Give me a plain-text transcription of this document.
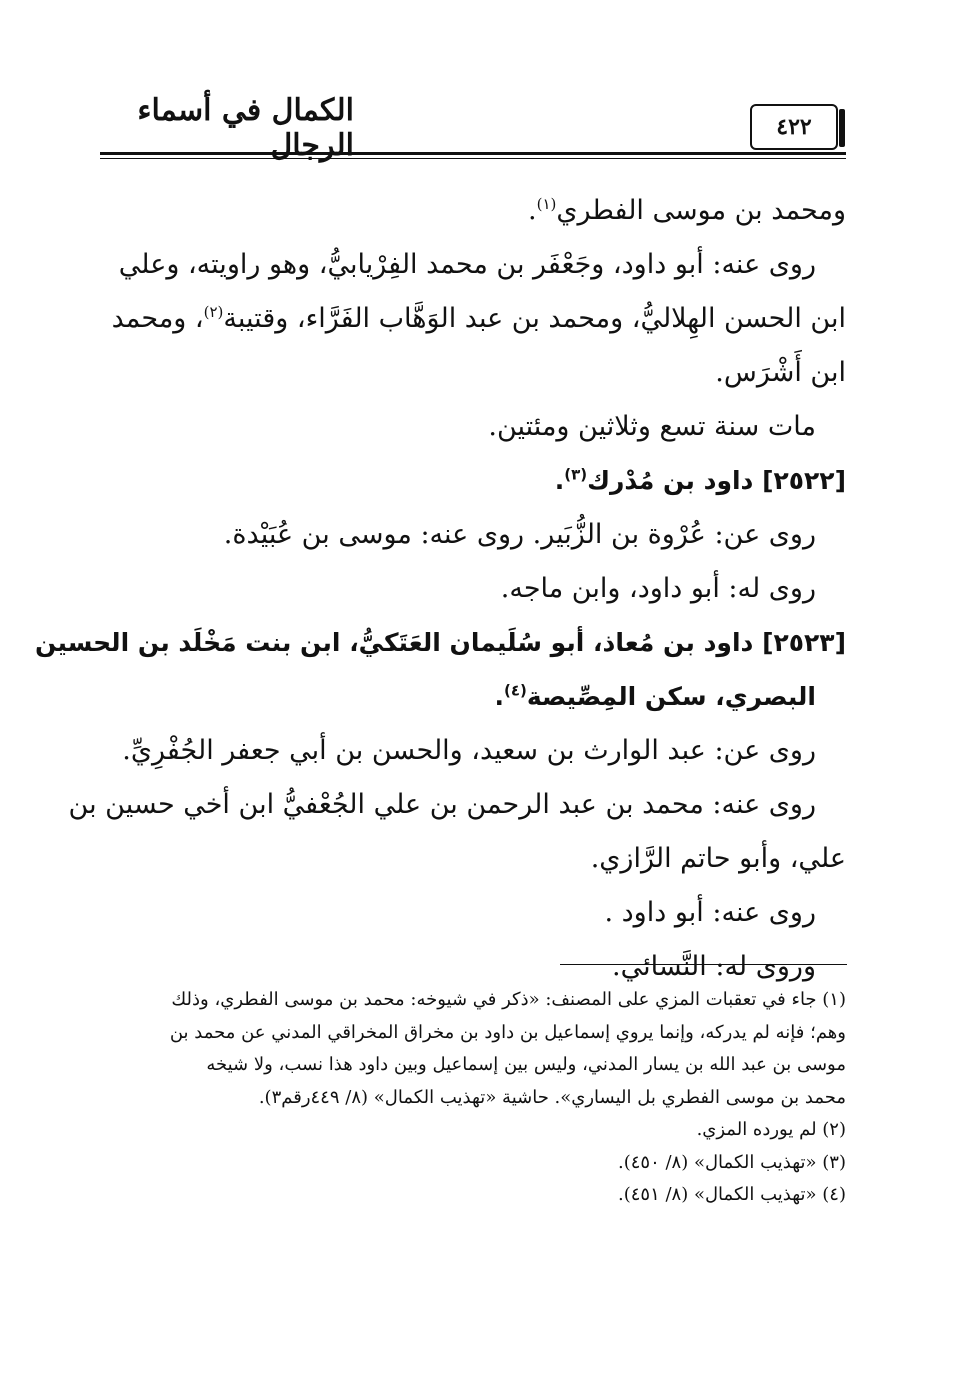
٤٢٢
الكمال في أسماء الرجال
ومحمد بن موسى الفطري$^{(١)}$.
روى عنه: أبو داود، وجَعْفَر بن محمد الفِرْيابيُّ، وهو راويته، وعلي
ابن الحسن الهِلاليُّ، ومحمد بن عبد الوَهَّاب الفَرَّاء، وقتيبة$^{(٢)}$، ومحمد
ابن أَشْرَس.
مات سنة تسع وثلاثين ومئتين.
[٢٥٢٢] داود بن مُدْرك$^{(٣)}$.
روى عن: عُرْوة بن الزُّبَير. روى عنه: موسى بن عُبَيْدة.
روى له: أبو داود، وابن ماجه.
[٢٥٢٣] داود بن مُعاذ، أبو سُلَيمان العَتَكيُّ، ابن بنت مَخْلَد بن الحسين
البصري، سكن المِصِّيصة$^{(٤)}$.
روى عن: عبد الوارث بن سعيد، والحسن بن أبي جعفر الجُفْرِيِّ.
روى عنه: محمد بن عبد الرحمن بن علي الجُعْفيُّ ابن أخي حسين بن
علي، وأبو حاتم الرَّازي.
روى عنه: أبو داود .
وروى له: النَّسائي.
(١) جاء في تعقبات المزي على المصنف: «ذكر في شيوخه: محمد بن موسى الفطري، وذلك
وهم؛ فإنه لم يدركه، وإنما يروي إسماعيل بن داود بن مخراق المخراقي المدني عن محمد بن
موسى بن عبد الله بن يسار المدني، وليس بين إسماعيل وبين داود هذا نسب، ولا شيخه
محمد بن موسى الفطري بل اليساري». حاشية «تهذيب الكمال» (٨/ ٤٤٩رقم٣).
(٢) لم يورده المزي.
(٣) «تهذيب الكمال» (٨/ ٤٥٠).
(٤) «تهذيب الكمال» (٨/ ٤٥١).
